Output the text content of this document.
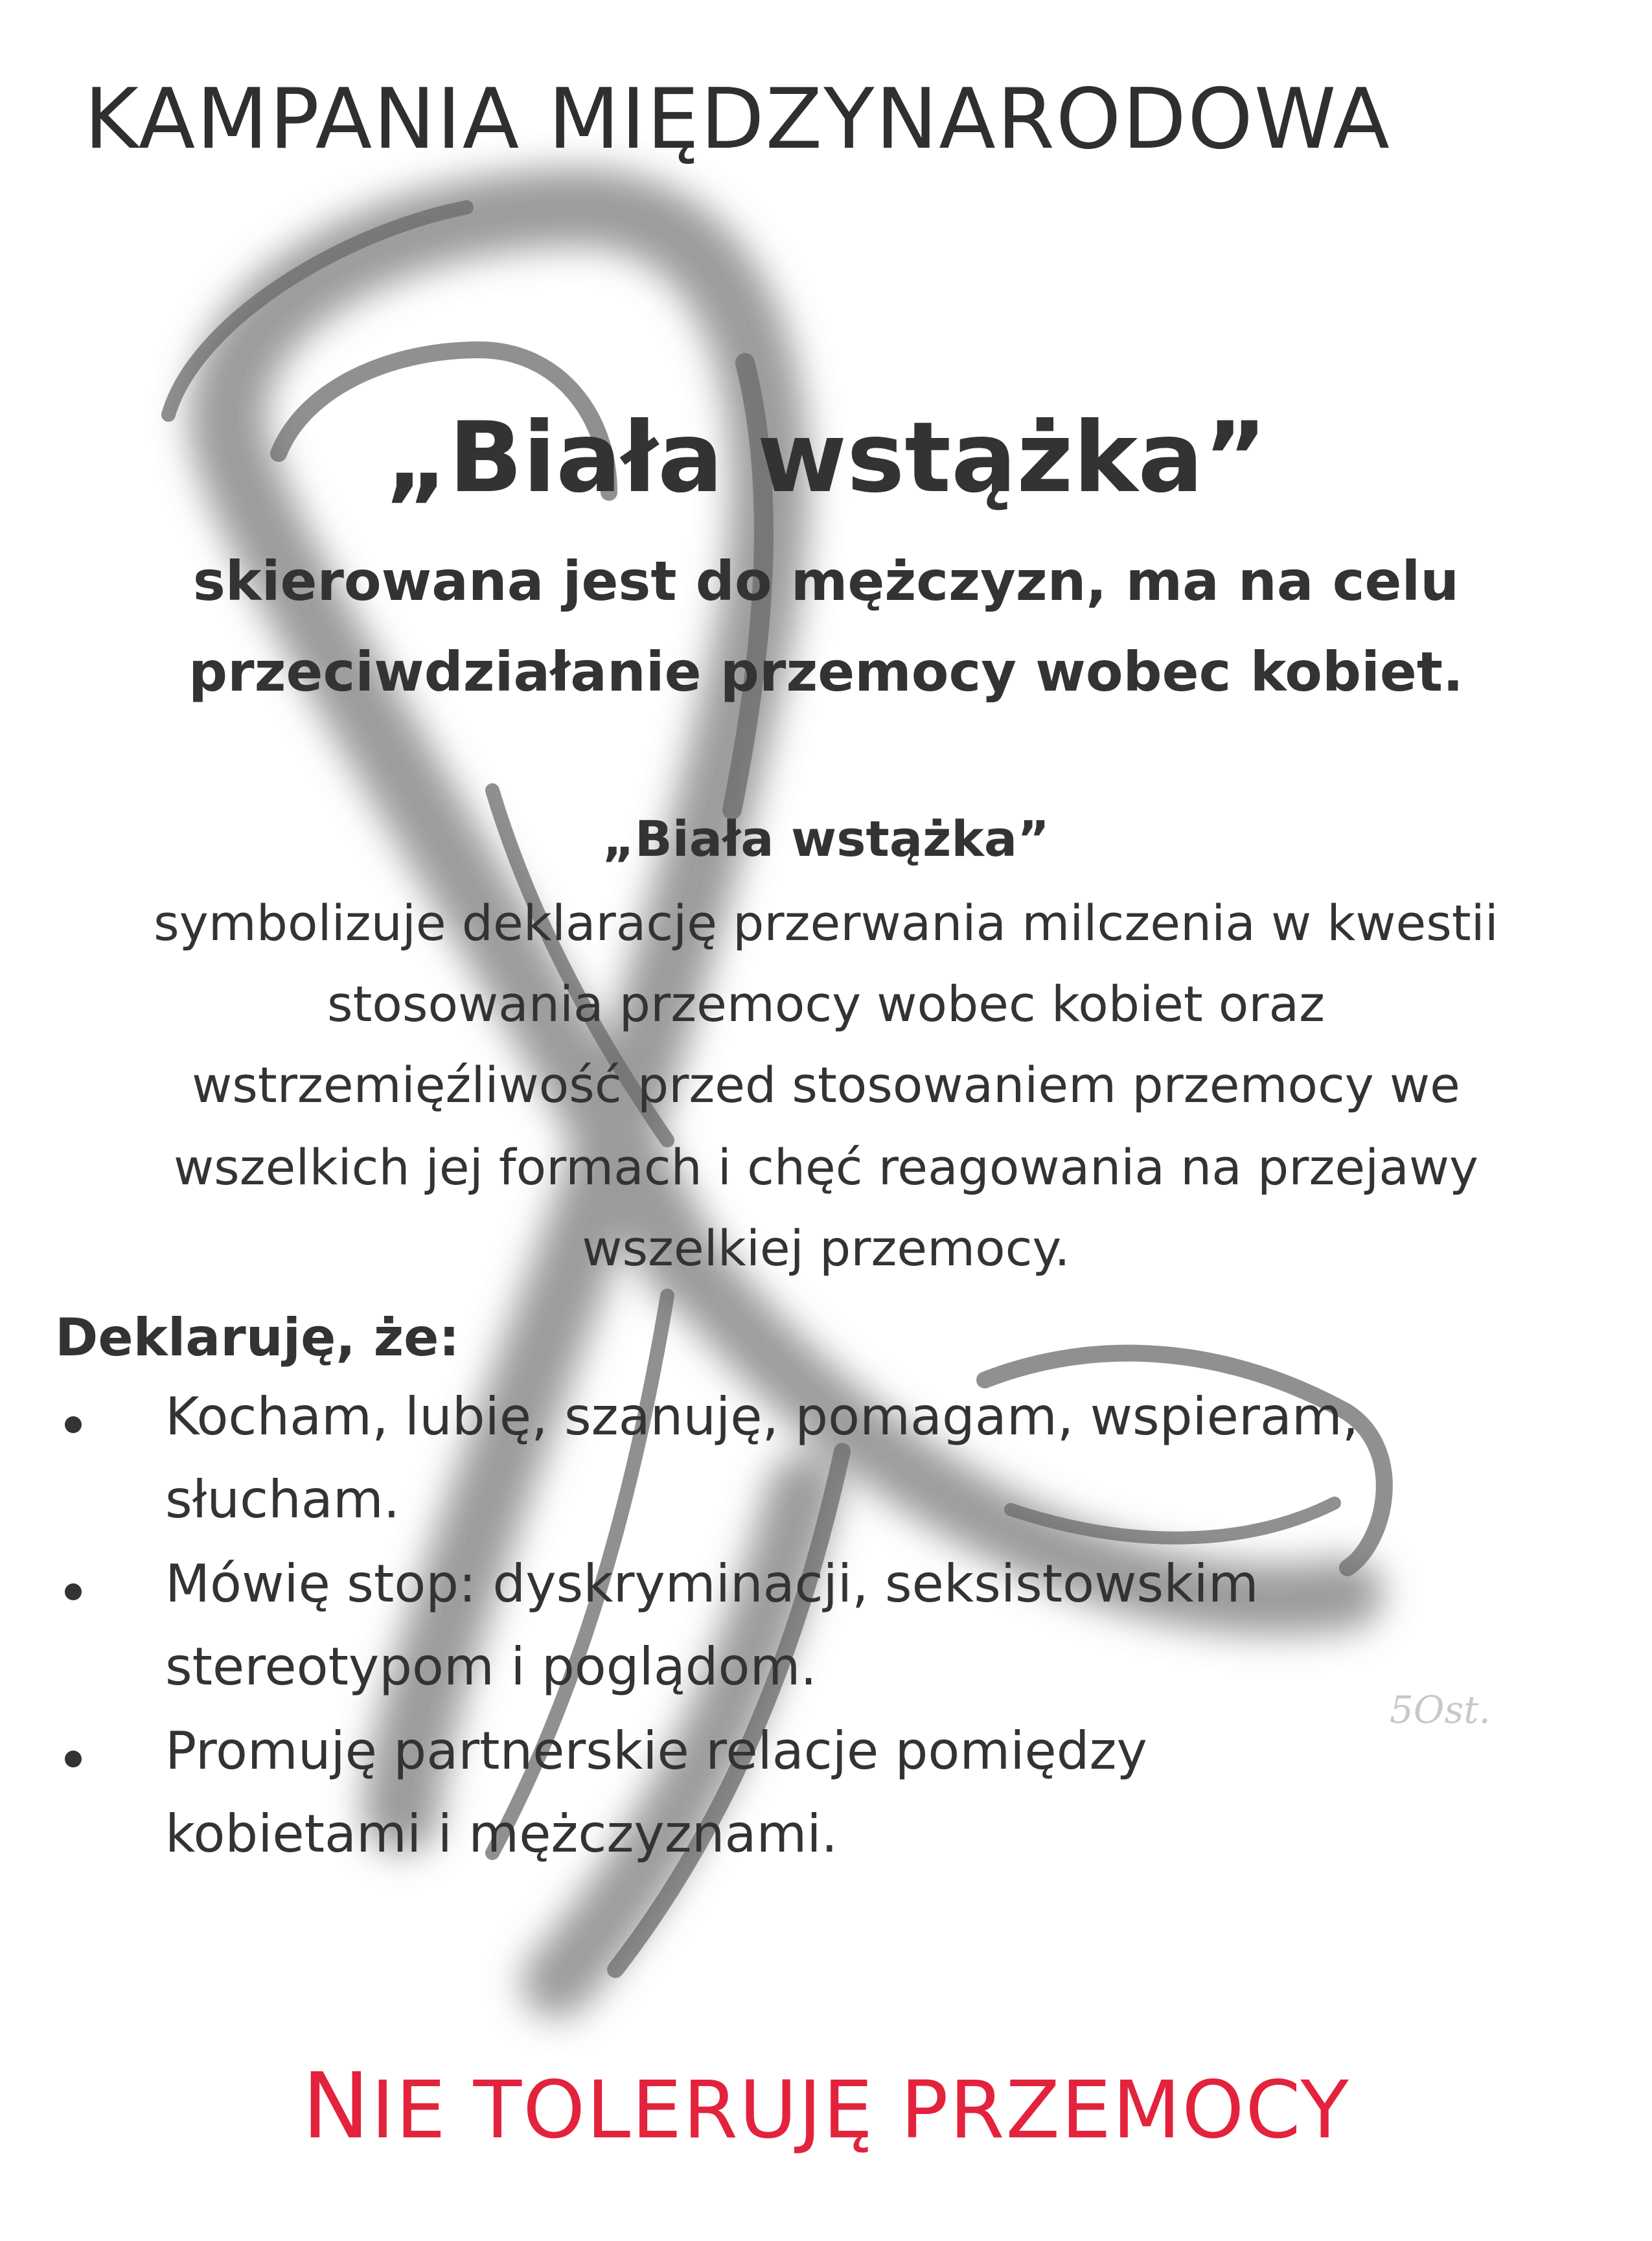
KAMPANIA MIĘDZYNARODOWA
„Biała wstążka”

skierowana jest do mężczyzn, ma na celu

przeciwdziałanie przemocy wobec kobiet.

„Biała wstążka”

symbolizuje deklarację przerwania milczenia w kwestii

stosowania przemocy wobec kobiet oraz

wstrzemięźliwość przed stosowaniem przemocy we

wszelkich jej formach i chęć reagowania na przejawy

wszelkiej przemocy.

Deklaruję, że:

Kocham, lubię, szanuję, pomagam, wspieram,

słucham.

Mówię stop: dyskryminacji, seksistowskim

stereotypom i poglądom.

Promuję partnerskie relacje pomiędzy

kobietami i mężczyznami.

5Ost.

NIE TOLERUJĘ PRZEMOCY
